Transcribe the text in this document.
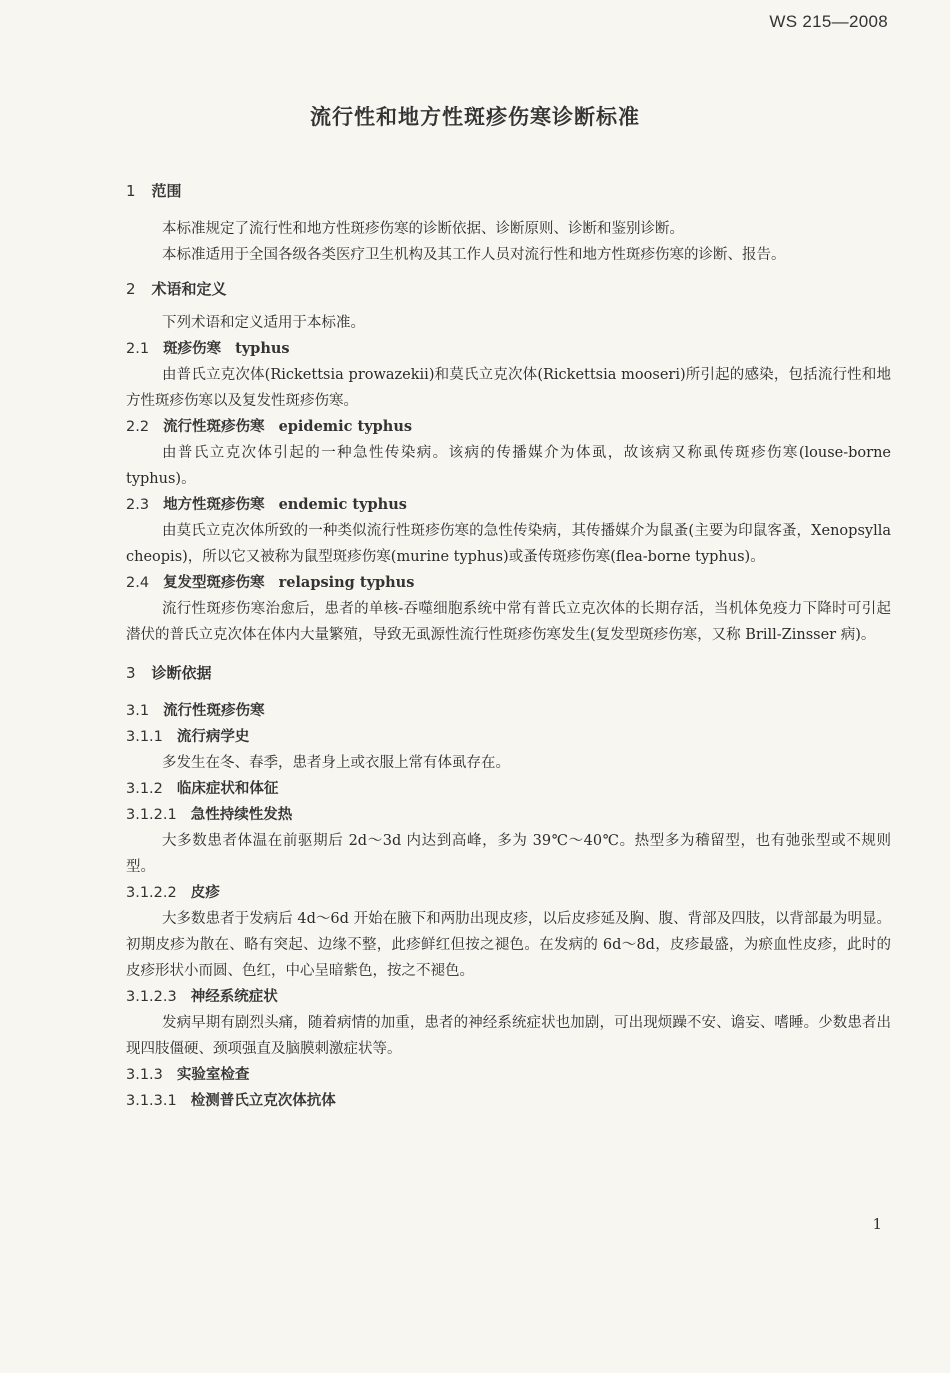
WS 215—2008
流行性和地方性斑疹伤寒诊断标准
1 范围
本标准规定了流行性和地方性斑疹伤寒的诊断依据、诊断原则、诊断和鉴别诊断。
本标准适用于全国各级各类医疗卫生机构及其工作人员对流行性和地方性斑疹伤寒的诊断、报告。
2 术语和定义
下列术语和定义适用于本标准。
2.1 斑疹伤寒 typhus
由普氏立克次体(Rickettsia prowazekii)和莫氏立克次体(Rickettsia mooseri)所引起的感染，包括流行性和地方性斑疹伤寒以及复发性斑疹伤寒。
2.2 流行性斑疹伤寒 epidemic typhus
由普氏立克次体引起的一种急性传染病。该病的传播媒介为体虱，故该病又称虱传斑疹伤寒(louse-borne typhus)。
2.3 地方性斑疹伤寒 endemic typhus
由莫氏立克次体所致的一种类似流行性斑疹伤寒的急性传染病，其传播媒介为鼠蚤(主要为印鼠客蚤，Xenopsylla cheopis)，所以它又被称为鼠型斑疹伤寒(murine typhus)或蚤传斑疹伤寒(flea-borne typhus)。
2.4 复发型斑疹伤寒 relapsing typhus
流行性斑疹伤寒治愈后，患者的单核-吞噬细胞系统中常有普氏立克次体的长期存活，当机体免疫力下降时可引起潜伏的普氏立克次体在体内大量繁殖，导致无虱源性流行性斑疹伤寒发生(复发型斑疹伤寒，又称 Brill-Zinsser 病)。
3 诊断依据
3.1 流行性斑疹伤寒
3.1.1 流行病学史
多发生在冬、春季，患者身上或衣服上常有体虱存在。
3.1.2 临床症状和体征
3.1.2.1 急性持续性发热
大多数患者体温在前驱期后 2d～3d 内达到高峰，多为 39℃～40℃。热型多为稽留型，也有弛张型或不规则型。
3.1.2.2 皮疹
大多数患者于发病后 4d～6d 开始在腋下和两肋出现皮疹，以后皮疹延及胸、腹、背部及四肢，以背部最为明显。初期皮疹为散在、略有突起、边缘不整，此疹鲜红但按之褪色。在发病的 6d～8d，皮疹最盛，为瘀血性皮疹，此时的皮疹形状小而圆、色红，中心呈暗紫色，按之不褪色。
3.1.2.3 神经系统症状
发病早期有剧烈头痛，随着病情的加重，患者的神经系统症状也加剧，可出现烦躁不安、谵妄、嗜睡。少数患者出现四肢僵硬、颈项强直及脑膜刺激症状等。
3.1.3 实验室检查
3.1.3.1 检测普氏立克次体抗体
1
